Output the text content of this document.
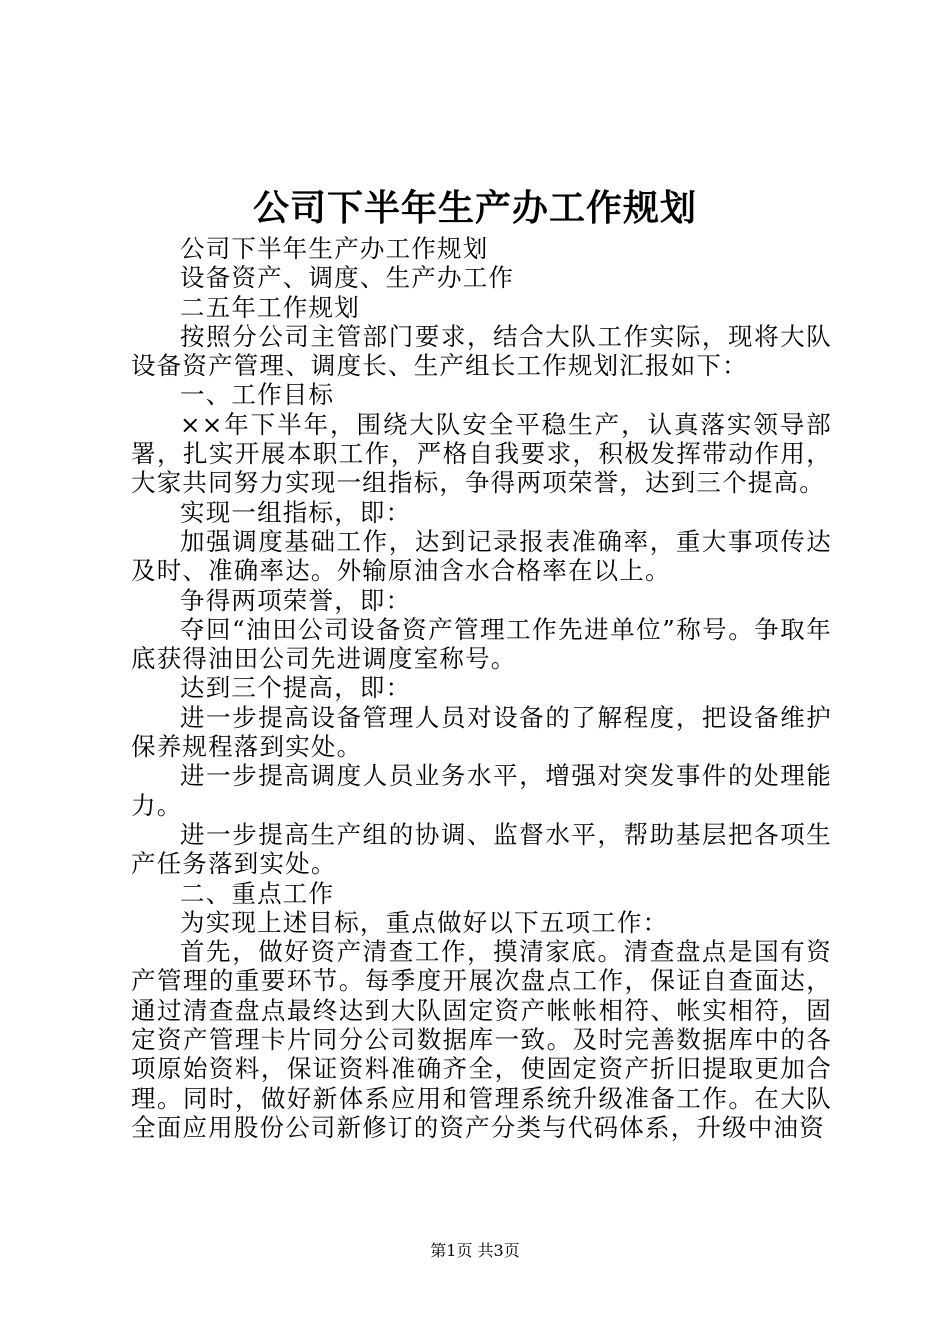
公司下半年生产办工作规划

公司下半年生产办工作规划

设备资产、调度、生产办工作

二五年工作规划

按照分公司主管部门要求，结合大队工作实际，现将大队设备资产管理、调度长、生产组长工作规划汇报如下：

一、工作目标

××年下半年，围绕大队安全平稳生产，认真落实领导部署，扎实开展本职工作，严格自我要求，积极发挥带动作用，大家共同努力实现一组指标，争得两项荣誉，达到三个提高。

实现一组指标，即：

加强调度基础工作，达到记录报表准确率，重大事项传达及时、准确率达。外输原油含水合格率在以上。

争得两项荣誉，即：

夺回“油田公司设备资产管理工作先进单位”称号。争取年底获得油田公司先进调度室称号。

达到三个提高，即：

进一步提高设备管理人员对设备的了解程度，把设备维护保养规程落到实处。

进一步提高调度人员业务水平，增强对突发事件的处理能力。

进一步提高生产组的协调、监督水平，帮助基层把各项生产任务落到实处。

二、重点工作

为实现上述目标，重点做好以下五项工作：

首先，做好资产清查工作，摸清家底。清查盘点是国有资产管理的重要环节。每季度开展次盘点工作，保证自查面达，通过清查盘点最终达到大队固定资产帐帐相符、帐实相符，固定资产管理卡片同分公司数据库一致。及时完善数据库中的各项原始资料，保证资料准确齐全，使固定资产折旧提取更加合理。同时，做好新体系应用和管理系统升级准备工作。在大队全面应用股份公司新修订的资产分类与代码体系，升级中油资

第1页 共3页
